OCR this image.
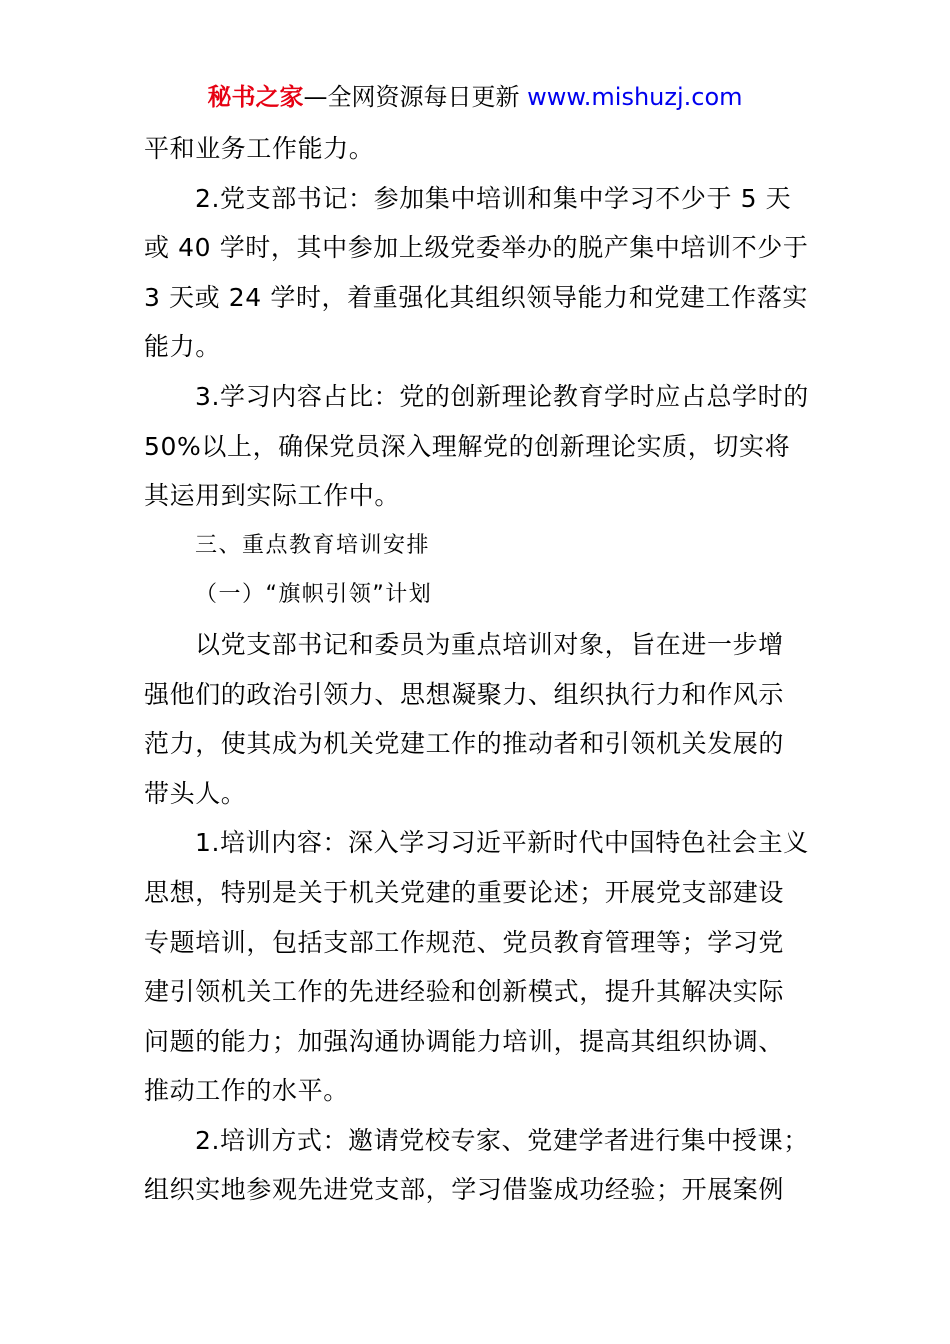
秘书之家—全网资源每日更新 www.mishuzj.com
平和业务工作能力。
2.党支部书记：参加集中培训和集中学习不少于 5 天
或 40 学时，其中参加上级党委举办的脱产集中培训不少于
3 天或 24 学时，着重强化其组织领导能力和党建工作落实
能力。
3.学习内容占比：党的创新理论教育学时应占总学时的
50%以上，确保党员深入理解党的创新理论实质，切实将
其运用到实际工作中。
三、重点教育培训安排
（一）“旗帜引领”计划
以党支部书记和委员为重点培训对象，旨在进一步增
强他们的政治引领力、思想凝聚力、组织执行力和作风示
范力，使其成为机关党建工作的推动者和引领机关发展的
带头人。
1.培训内容：深入学习习近平新时代中国特色社会主义
思想，特别是关于机关党建的重要论述；开展党支部建设
专题培训，包括支部工作规范、党员教育管理等；学习党
建引领机关工作的先进经验和创新模式，提升其解决实际
问题的能力；加强沟通协调能力培训，提高其组织协调、
推动工作的水平。
2.培训方式：邀请党校专家、党建学者进行集中授课；
组织实地参观先进党支部，学习借鉴成功经验；开展案例
